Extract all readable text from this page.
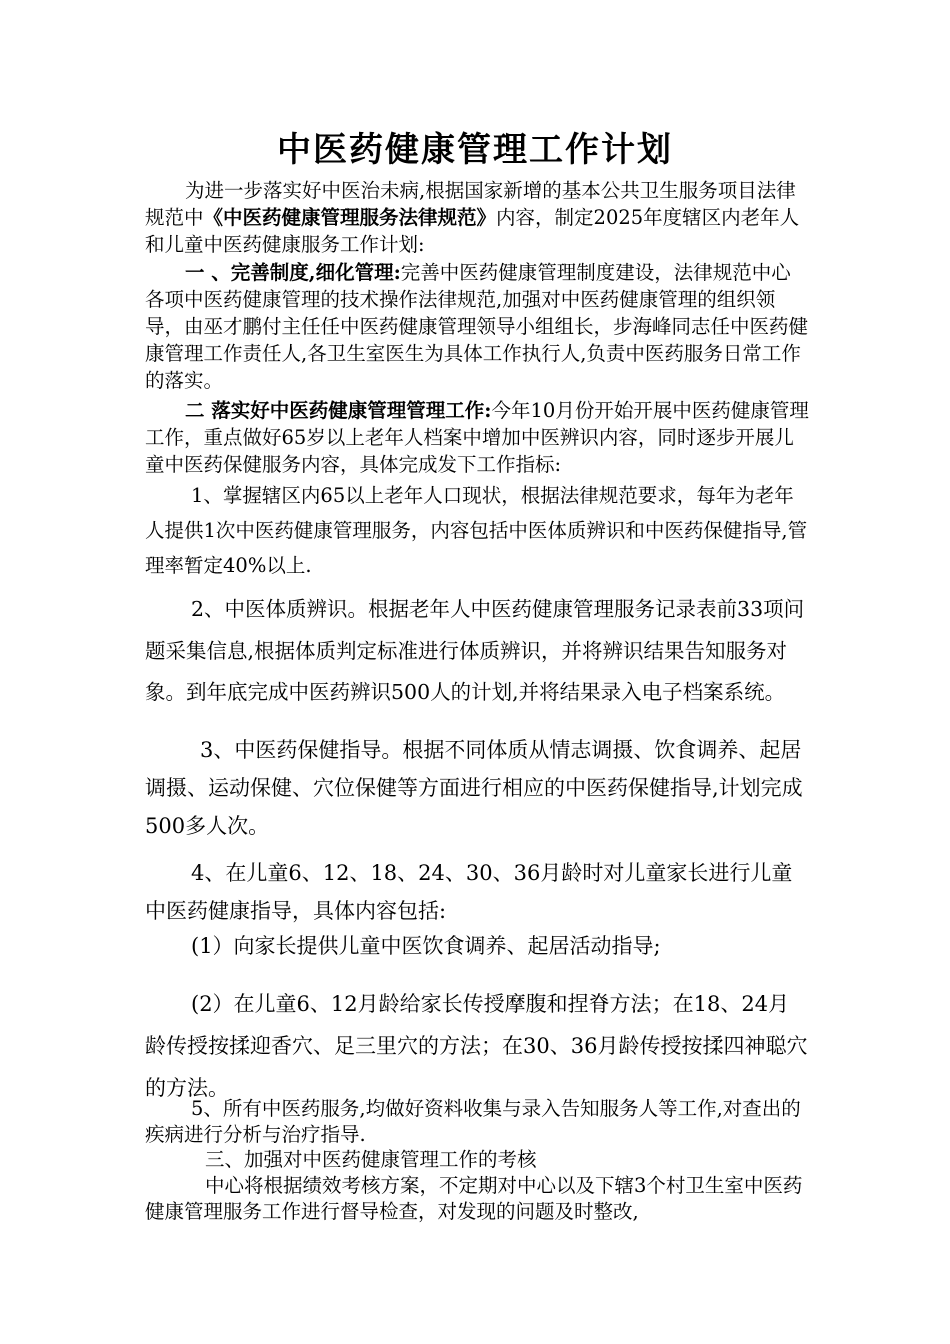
中医药健康管理工作计划

为进一步落实好中医治未病,根据国家新增的基本公共卫生服务项目法律规范中《中医药健康管理服务法律规范》内容，制定2025年度辖区内老年人和儿童中医药健康服务工作计划:

一 、完善制度,细化管理:完善中医药健康管理制度建设，法律规范中心各项中医药健康管理的技术操作法律规范,加强对中医药健康管理的组织领导，由巫才鹏付主任任中医药健康管理领导小组组长，步海峰同志任中医药健康管理工作责任人,各卫生室医生为具体工作执行人,负责中医药服务日常工作的落实。

二 落实好中医药健康管理管理工作:今年10月份开始开展中医药健康管理工作，重点做好65岁以上老年人档案中增加中医辨识内容，同时逐步开展儿童中医药保健服务内容，具体完成发下工作指标:

1、掌握辖区内65以上老年人口现状，根据法律规范要求，每年为老年人提供1次中医药健康管理服务，内容包括中医体质辨识和中医药保健指导,管理率暂定40%以上.

2、中医体质辨识。根据老年人中医药健康管理服务记录表前33项问题采集信息,根据体质判定标准进行体质辨识，并将辨识结果告知服务对象。到年底完成中医药辨识500人的计划,并将结果录入电子档案系统。

3、中医药保健指导。根据不同体质从情志调摄、饮食调养、起居调摄、运动保健、穴位保健等方面进行相应的中医药保健指导,计划完成500多人次。

4、在儿童6、12、18、24、30、36月龄时对儿童家长进行儿童中医药健康指导，具体内容包括:

(1）向家长提供儿童中医饮食调养、起居活动指导;

(2）在儿童6、12月龄给家长传授摩腹和捏脊方法；在18、24月龄传授按揉迎香穴、足三里穴的方法；在30、36月龄传授按揉四神聪穴的方法。

5、所有中医药服务,均做好资料收集与录入告知服务人等工作,对查出的疾病进行分析与治疗指导.

三、加强对中医药健康管理工作的考核

中心将根据绩效考核方案，不定期对中心以及下辖3个村卫生室中医药健康管理服务工作进行督导检查，对发现的问题及时整改,
